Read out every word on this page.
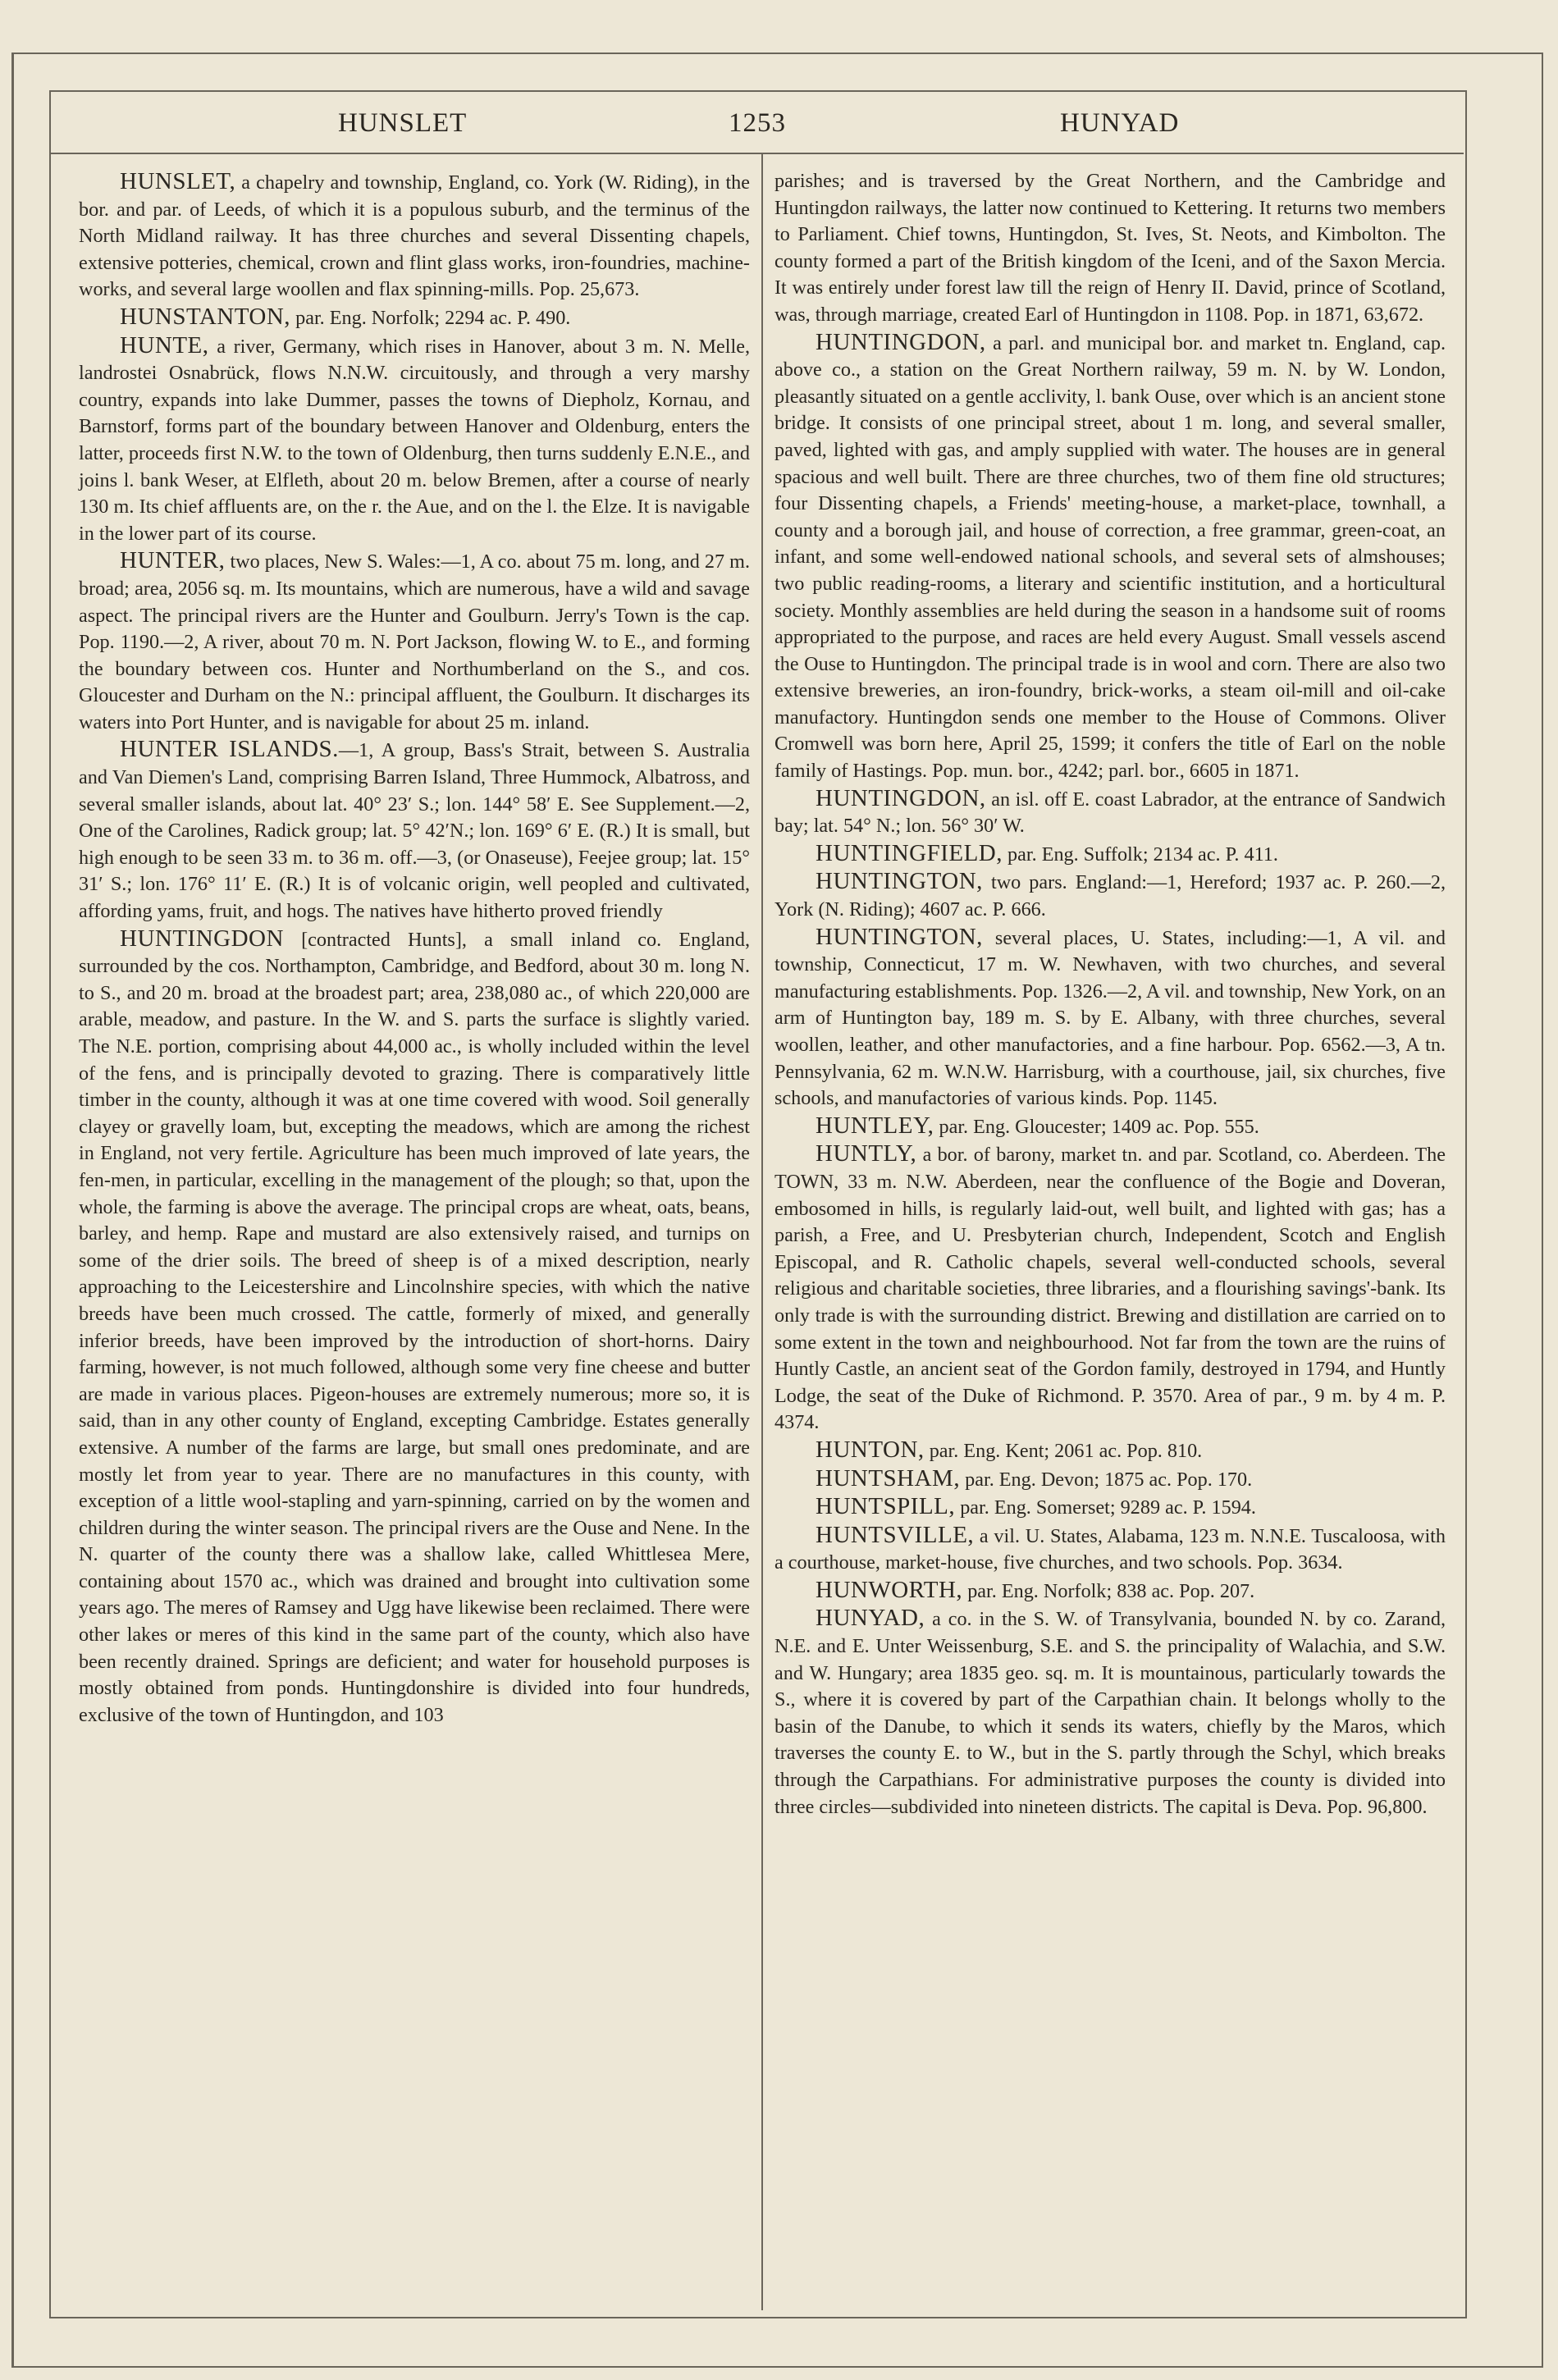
HUNSLET	1253	HUNYAD

HUNSLET, a chapelry and township, England, co. York (W. Riding), in the bor. and par. of Leeds, of which it is a populous suburb, and the terminus of the North Midland railway. It has three churches and several Dissenting chapels, extensive potteries, chemical, crown and flint glass works, iron-foundries, machine-works, and several large woollen and flax spinning-mills. Pop. 25,673.

HUNSTANTON, par. Eng. Norfolk; 2294 ac. P. 490.

HUNTE, a river, Germany, which rises in Hanover, about 3 m. N. Melle, landrostei Osnabrück, flows N.N.W. circuitously, and through a very marshy country, expands into lake Dummer, passes the towns of Diepholz, Kornau, and Barnstorf, forms part of the boundary between Hanover and Oldenburg, enters the latter, proceeds first N.W. to the town of Oldenburg, then turns suddenly E.N.E., and joins l. bank Weser, at Elfleth, about 20 m. below Bremen, after a course of nearly 130 m. Its chief affluents are, on the r. the Aue, and on the l. the Elze. It is navigable in the lower part of its course.

HUNTER, two places, New S. Wales:—1, A co. about 75 m. long, and 27 m. broad; area, 2056 sq. m. Its mountains, which are numerous, have a wild and savage aspect. The principal rivers are the Hunter and Goulburn. Jerry's Town is the cap. Pop. 1190.—2, A river, about 70 m. N. Port Jackson, flowing W. to E., and forming the boundary between cos. Hunter and Northumberland on the S., and cos. Gloucester and Durham on the N.: principal affluent, the Goulburn. It discharges its waters into Port Hunter, and is navigable for about 25 m. inland.

HUNTER ISLANDS.—1, A group, Bass's Strait, between S. Australia and Van Diemen's Land, comprising Barren Island, Three Hummock, Albatross, and several smaller islands, about lat. 40° 23′ S.; lon. 144° 58′ E. See Supplement.—2, One of the Carolines, Radick group; lat. 5° 42′N.; lon. 169° 6′ E. (R.) It is small, but high enough to be seen 33 m. to 36 m. off.—3, (or Onaseuse), Feejee group; lat. 15° 31′ S.; lon. 176° 11′ E. (R.) It is of volcanic origin, well peopled and cultivated, affording yams, fruit, and hogs. The natives have hitherto proved friendly

HUNTINGDON [contracted Hunts], a small inland co. England, surrounded by the cos. Northampton, Cambridge, and Bedford, about 30 m. long N. to S., and 20 m. broad at the broadest part; area, 238,080 ac., of which 220,000 are arable, meadow, and pasture. In the W. and S. parts the surface is slightly varied. The N.E. portion, comprising about 44,000 ac., is wholly included within the level of the fens, and is principally devoted to grazing. There is comparatively little timber in the county, although it was at one time covered with wood. Soil generally clayey or gravelly loam, but, excepting the meadows, which are among the richest in England, not very fertile. Agriculture has been much improved of late years, the fen-men, in particular, excelling in the management of the plough; so that, upon the whole, the farming is above the average. The principal crops are wheat, oats, beans, barley, and hemp. Rape and mustard are also extensively raised, and turnips on some of the drier soils. The breed of sheep is of a mixed description, nearly approaching to the Leicestershire and Lincolnshire species, with which the native breeds have been much crossed. The cattle, formerly of mixed, and generally inferior breeds, have been improved by the introduction of short-horns. Dairy farming, however, is not much followed, although some very fine cheese and butter are made in various places. Pigeon-houses are extremely numerous; more so, it is said, than in any other county of England, excepting Cambridge. Estates generally extensive. A number of the farms are large, but small ones predominate, and are mostly let from year to year. There are no manufactures in this county, with exception of a little wool-stapling and yarn-spinning, carried on by the women and children during the winter season. The principal rivers are the Ouse and Nene. In the N. quarter of the county there was a shallow lake, called Whittlesea Mere, containing about 1570 ac., which was drained and brought into cultivation some years ago. The meres of Ramsey and Ugg have likewise been reclaimed. There were other lakes or meres of this kind in the same part of the county, which also have been recently drained. Springs are deficient; and water for household purposes is mostly obtained from ponds. Huntingdonshire is divided into four hundreds, exclusive of the town of Huntingdon, and 103

parishes; and is traversed by the Great Northern, and the Cambridge and Huntingdon railways, the latter now continued to Kettering. It returns two members to Parliament. Chief towns, Huntingdon, St. Ives, St. Neots, and Kimbolton. The county formed a part of the British kingdom of the Iceni, and of the Saxon Mercia. It was entirely under forest law till the reign of Henry II. David, prince of Scotland, was, through marriage, created Earl of Huntingdon in 1108. Pop. in 1871, 63,672.

HUNTINGDON, a parl. and municipal bor. and market tn. England, cap. above co., a station on the Great Northern railway, 59 m. N. by W. London, pleasantly situated on a gentle acclivity, l. bank Ouse, over which is an ancient stone bridge. It consists of one principal street, about 1 m. long, and several smaller, paved, lighted with gas, and amply supplied with water. The houses are in general spacious and well built. There are three churches, two of them fine old structures; four Dissenting chapels, a Friends' meeting-house, a market-place, townhall, a county and a borough jail, and house of correction, a free grammar, green-coat, an infant, and some well-endowed national schools, and several sets of almshouses; two public reading-rooms, a literary and scientific institution, and a horticultural society. Monthly assemblies are held during the season in a handsome suit of rooms appropriated to the purpose, and races are held every August. Small vessels ascend the Ouse to Huntingdon. The principal trade is in wool and corn. There are also two extensive breweries, an iron-foundry, brick-works, a steam oil-mill and oil-cake manufactory. Huntingdon sends one member to the House of Commons. Oliver Cromwell was born here, April 25, 1599; it confers the title of Earl on the noble family of Hastings. Pop. mun. bor., 4242; parl. bor., 6605 in 1871.

HUNTINGDON, an isl. off E. coast Labrador, at the entrance of Sandwich bay; lat. 54° N.; lon. 56° 30′ W.

HUNTINGFIELD, par. Eng. Suffolk; 2134 ac. P. 411.

HUNTINGTON, two pars. England:—1, Hereford; 1937 ac. P. 260.—2, York (N. Riding); 4607 ac. P. 666.

HUNTINGTON, several places, U. States, including:—1, A vil. and township, Connecticut, 17 m. W. Newhaven, with two churches, and several manufacturing establishments. Pop. 1326.—2, A vil. and township, New York, on an arm of Huntington bay, 189 m. S. by E. Albany, with three churches, several woollen, leather, and other manufactories, and a fine harbour. Pop. 6562.—3, A tn. Pennsylvania, 62 m. W.N.W. Harrisburg, with a courthouse, jail, six churches, five schools, and manufactories of various kinds. Pop. 1145.

HUNTLEY, par. Eng. Gloucester; 1409 ac. Pop. 555.

HUNTLY, a bor. of barony, market tn. and par. Scotland, co. Aberdeen. The TOWN, 33 m. N.W. Aberdeen, near the confluence of the Bogie and Doveran, embosomed in hills, is regularly laid-out, well built, and lighted with gas; has a parish, a Free, and U. Presbyterian church, Independent, Scotch and English Episcopal, and R. Catholic chapels, several well-conducted schools, several religious and charitable societies, three libraries, and a flourishing savings'-bank. Its only trade is with the surrounding district. Brewing and distillation are carried on to some extent in the town and neighbourhood. Not far from the town are the ruins of Huntly Castle, an ancient seat of the Gordon family, destroyed in 1794, and Huntly Lodge, the seat of the Duke of Richmond. P. 3570. Area of par., 9 m. by 4 m. P. 4374.

HUNTON, par. Eng. Kent; 2061 ac. Pop. 810.

HUNTSHAM, par. Eng. Devon; 1875 ac. Pop. 170.

HUNTSPILL, par. Eng. Somerset; 9289 ac. P. 1594.

HUNTSVILLE, a vil. U. States, Alabama, 123 m. N.N.E. Tuscaloosa, with a courthouse, market-house, five churches, and two schools. Pop. 3634.

HUNWORTH, par. Eng. Norfolk; 838 ac. Pop. 207.

HUNYAD, a co. in the S. W. of Transylvania, bounded N. by co. Zarand, N.E. and E. Unter Weissenburg, S.E. and S. the principality of Walachia, and S.W. and W. Hungary; area 1835 geo. sq. m. It is mountainous, particularly towards the S., where it is covered by part of the Carpathian chain. It belongs wholly to the basin of the Danube, to which it sends its waters, chiefly by the Maros, which traverses the county E. to W., but in the S. partly through the Schyl, which breaks through the Carpathians. For administrative purposes the county is divided into three circles—subdivided into nineteen districts. The capital is Deva. Pop. 96,800.
